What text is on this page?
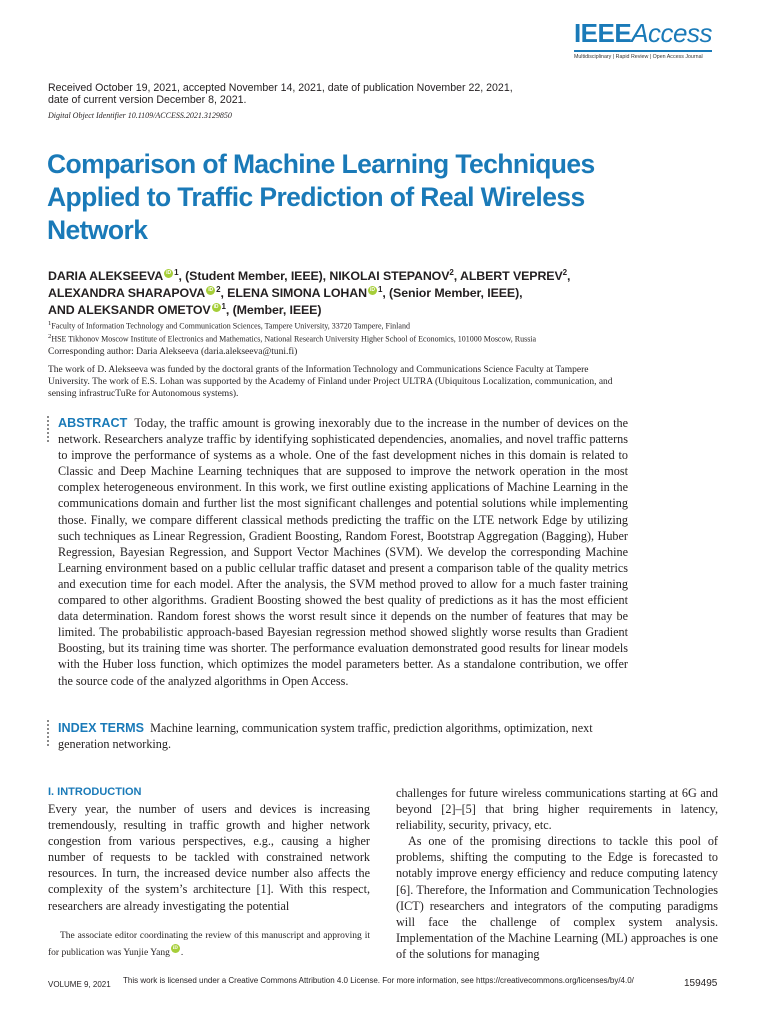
IEEEAccess
Multidisciplinary | Rapid Review | Open Access Journal
Received October 19, 2021, accepted November 14, 2021, date of publication November 22, 2021, date of current version December 8, 2021.
Digital Object Identifier 10.1109/ACCESS.2021.3129850
Comparison of Machine Learning Techniques Applied to Traffic Prediction of Real Wireless Network
DARIA ALEKSEEVA iD $^1$, (Student Member, IEEE), NIKOLAI STEPANOV$^2$, ALBERT VEPREV$^2$,
ALEXANDRA SHARAPOVA iD $^2$, ELENA SIMONA LOHAN iD $^1$, (Senior Member, IEEE),
AND ALEKSANDR OMETOV iD $^1$, (Member, IEEE)
$^1$Faculty of Information Technology and Communication Sciences, Tampere University, 33720 Tampere, Finland
$^2$HSE Tikhonov Moscow Institute of Electronics and Mathematics, National Research University Higher School of Economics, 101000 Moscow, Russia
Corresponding author: Daria Alekseeva (daria.alekseeva@tuni.fi)
The work of D. Alekseeva was funded by the doctoral grants of the Information Technology and Communications Science Faculty at Tampere University. The work of E.S. Lohan was supported by the Academy of Finland under Project ULTRA (Ubiquitous Localization, communication, and sensing infrastrucTuRe for Autonomous systems).
ABSTRACT Today, the traffic amount is growing inexorably due to the increase in the number of devices on the network. Researchers analyze traffic by identifying sophisticated dependencies, anomalies, and novel traffic patterns to improve the performance of systems as a whole. One of the fast development niches in this domain is related to Classic and Deep Machine Learning techniques that are supposed to improve the network operation in the most complex heterogeneous environment. In this work, we first outline existing applications of Machine Learning in the communications domain and further list the most significant challenges and potential solutions while implementing those. Finally, we compare different classical methods predicting the traffic on the LTE network Edge by utilizing such techniques as Linear Regression, Gradient Boosting, Random Forest, Bootstrap Aggregation (Bagging), Huber Regression, Bayesian Regression, and Support Vector Machines (SVM). We develop the corresponding Machine Learning environment based on a public cellular traffic dataset and present a comparison table of the quality metrics and execution time for each model. After the analysis, the SVM method proved to allow for a much faster training compared to other algorithms. Gradient Boosting showed the best quality of predictions as it has the most efficient data determination. Random forest shows the worst result since it depends on the number of features that may be limited. The probabilistic approach-based Bayesian regression method showed slightly worse results than Gradient Boosting, but its training time was shorter. The performance evaluation demonstrated good results for linear models with the Huber loss function, which optimizes the model parameters better. As a standalone contribution, we offer the source code of the analyzed algorithms in Open Access.
INDEX TERMS Machine learning, communication system traffic, prediction algorithms, optimization, next generation networking.
I. INTRODUCTION
Every year, the number of users and devices is increasing tremendously, resulting in traffic growth and higher network congestion from various perspectives, e.g., causing a higher number of requests to be tackled with constrained network resources. In turn, the increased device number also affects the complexity of the system’s architecture [1]. With this respect, researchers are already investigating the potential

challenges for future wireless communications starting at 6G and beyond [2]–[5] that bring higher requirements in latency, reliability, security, privacy, etc.

As one of the promising directions to tackle this pool of problems, shifting the computing to the Edge is forecasted to notably improve energy efficiency and reduce computing latency [6]. Therefore, the Information and Communication Technologies (ICT) researchers and integrators of the computing paradigms will face the challenge of complex system analysis. Implementation of the Machine Learning (ML) approaches is one of the solutions for managing

The associate editor coordinating the review of this manuscript and approving it for publication was Yunjie Yang iD .
VOLUME 9, 2021 This work is licensed under a Creative Commons Attribution 4.0 License. For more information, see https://creativecommons.org/licenses/by/4.0/	159495
